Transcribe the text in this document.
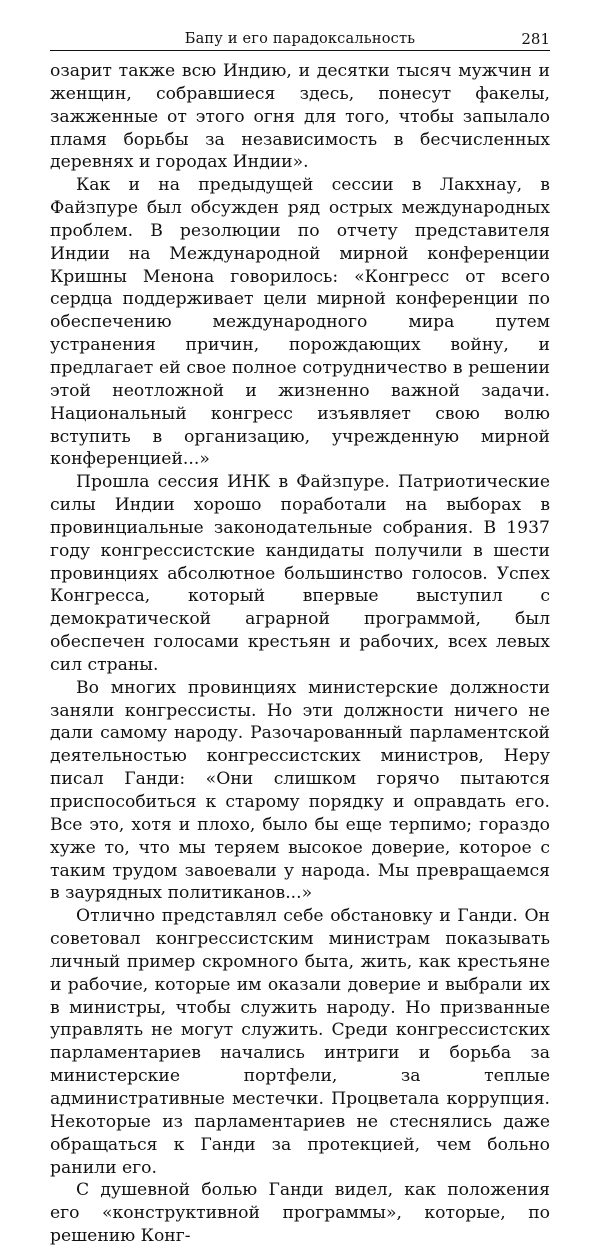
Бапу и его парадоксальность	281

озарит также всю Индию, и десятки тысяч мужчин и женщин, собравшиеся здесь, понесут факелы, зажженные от этого огня для того, чтобы запылало пламя борьбы за независимость в бесчисленных деревнях и городах Индии».

Как и на предыдущей сессии в Лакхнау, в Файзпуре был обсужден ряд острых международных проблем. В резолюции по отчету представителя Индии на Международной мирной конференции Кришны Менона говорилось: «Конгресс от всего сердца поддерживает цели мирной конференции по обеспечению международного мира путем устранения причин, порождающих войну, и предлагает ей свое полное сотрудничество в решении этой неотложной и жизненно важной задачи. Национальный конгресс изъявляет свою волю вступить в организацию, учрежденную мирной конференцией...»

Прошла сессия ИНК в Файзпуре. Патриотические силы Индии хорошо поработали на выборах в провинциальные законодательные собрания. В 1937 году конгрессистские кандидаты получили в шести провинциях абсолютное большинство голосов. Успех Конгресса, который впервые выступил с демократической аграрной программой, был обеспечен голосами крестьян и рабочих, всех левых сил страны.

Во многих провинциях министерские должности заняли конгрессисты. Но эти должности ничего не дали самому народу. Разочарованный парламентской деятельностью конгрессистских министров, Неру писал Ганди: «Они слишком горячо пытаются приспособиться к старому порядку и оправдать его. Все это, хотя и плохо, было бы еще терпимо; гораздо хуже то, что мы теряем высокое доверие, которое с таким трудом завоевали у народа. Мы превращаемся в заурядных политиканов...»

Отлично представлял себе обстановку и Ганди. Он советовал конгрессистским министрам показывать личный пример скромного быта, жить, как крестьяне и рабочие, которые им оказали доверие и выбрали их в министры, чтобы служить народу. Но призванные управлять не могут служить. Среди конгрессистских парламентариев начались интриги и борьба за министерские портфели, за теплые административные местечки. Процветала коррупция. Некоторые из парламентариев не стеснялись даже обращаться к Ганди за протекцией, чем больно ранили его.

С душевной болью Ганди видел, как положения его «конструктивной программы», которые, по решению Конг-
